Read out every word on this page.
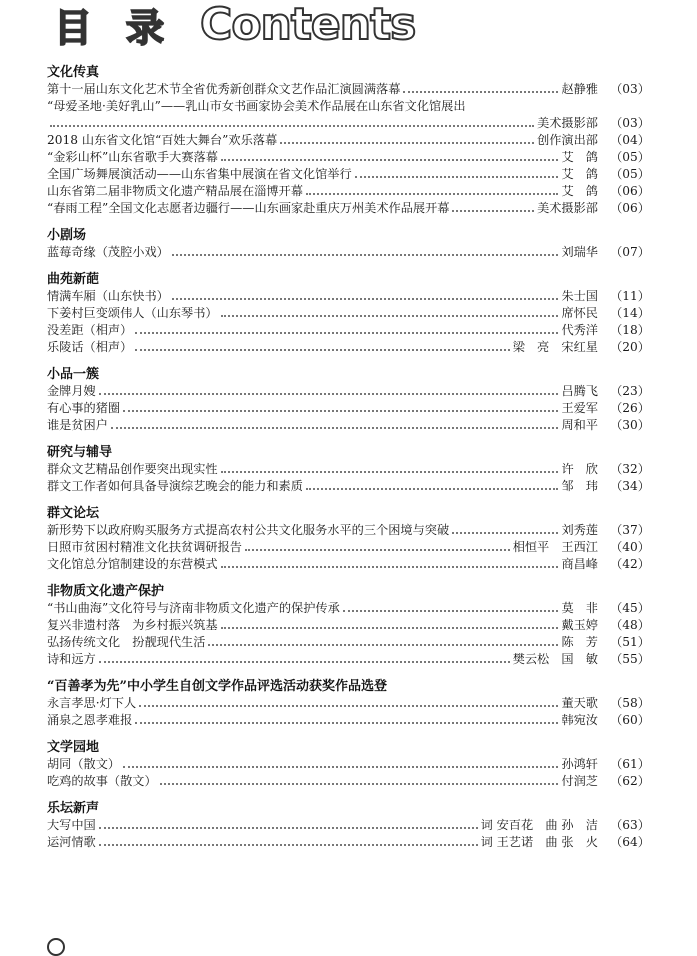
目 录 Contents
文化传真
第十一届山东文化艺术节全省优秀新创群众文艺作品汇演圆满落幕	赵静雅 （03）
“母爱圣地·美好乳山”——乳山市女书画家协会美术作品展在山东省文化馆展出
美术摄影部 （03）
2018 山东省文化馆“百姓大舞台”欢乐落幕	创作演出部 （04）
“金彩山杯”山东省歌手大赛落幕	艾　鸽 （05）
全国广场舞展演活动——山东省集中展演在省文化馆举行	艾　鸽 （05）
山东省第二届非物质文化遗产精品展在淄博开幕	艾　鸽 （06）
“春雨工程”全国文化志愿者边疆行——山东画家赴重庆万州美术作品展开幕	美术摄影部 （06）
小剧场
蓝莓奇缘（茂腔小戏）	刘瑞华 （07）
曲苑新葩
情满车厢（山东快书）	朱士国 （11）
下姜村巨变颂伟人（山东琴书）	席怀民 （14）
没差距（相声）	代秀洋 （18）
乐陵话（相声）	梁　亮　宋红星 （20）
小品一簇
金牌月嫂	吕腾飞 （23）
有心事的猪圈	王爱军 （26）
谁是贫困户	周和平 （30）
研究与辅导
群众文艺精品创作要突出现实性	许　欣 （32）
群文工作者如何具备导演综艺晚会的能力和素质	邹　玮 （34）
群文论坛
新形势下以政府购买服务方式提高农村公共文化服务水平的三个困境与突破	刘秀莲 （37）
日照市贫困村精准文化扶贫调研报告	相恒平　王西江 （40）
文化馆总分馆制建设的东营模式	商昌峰 （42）
非物质文化遗产保护
“书山曲海”文化符号与济南非物质文化遗产的保护传承	莫　非 （45）
复兴非遗村落　为乡村振兴筑基	戴玉婷 （48）
弘扬传统文化　扮靓现代生活	陈　芳 （51）
诗和远方	樊云松　国　敏 （55）
“百善孝为先”中小学生自创文学作品评选活动获奖作品选登
永言孝思·灯下人	董天歌 （58）
涌泉之恩孝难报	韩宛汝 （60）
文学园地
胡同（散文）	孙鸿轩 （61）
吃鸡的故事（散文）	付润芝 （62）
乐坛新声
大写中国	词 安百花　曲 孙　洁 （63）
运河情歌	词 王艺诺　曲 张　火 （64）
